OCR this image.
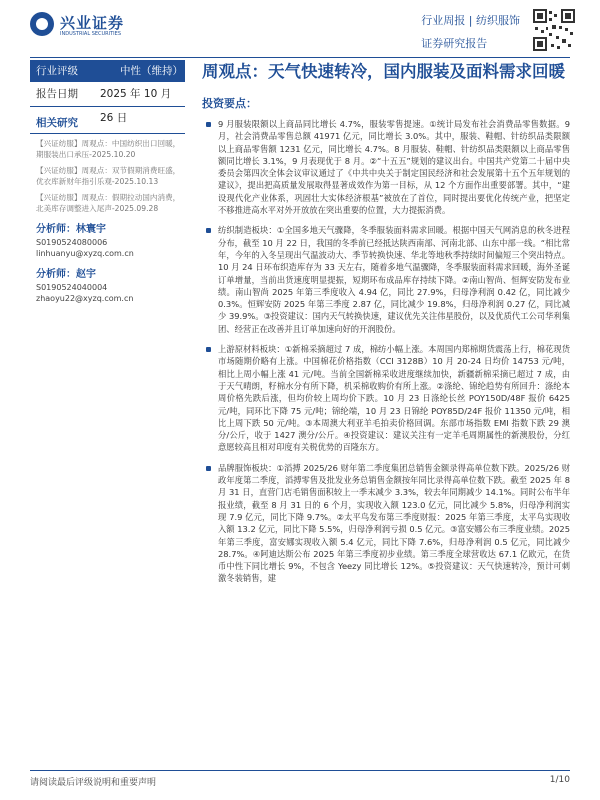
兴业证券
INDUSTRIAL SECURITIES
行业周报 | 纺织服饰
证券研究报告
行业评级	中性（维持）
报告日期 2025 年 10 月 26 日
相关研究
【兴证纺服】周观点：中国纺织出口回暖，期服装出口承压-2025.10.20
【兴证纺服】周观点：双节假期消费旺盛，优衣库新财年指引乐观-2025.10.13
【兴证纺服】周观点：假期拉动国内消费，北美库存调整进入尾声-2025.09.28
分析师：林寰宇
S0190524080006
linhuanyu@xyzq.com.cn
分析师：赵宇
S0190524040004
zhaoyu22@xyzq.com.cn
周观点：天气快速转冷，国内服装及面料需求回暖
投资要点：
9 月服装限额以上商品同比增长 4.7%，服装零售提速。①统计局发布社会消费品零售数据。9 月，社会消费品零售总额 41971 亿元，同比增长 3.0%。其中，服装、鞋帽、针纺织品类限额以上商品零售额 1231 亿元，同比增长 4.7%。8 月服装、鞋帽、针纺织品类限额以上商品零售额同比增长 3.1%，9 月表现优于 8 月。②“十五五”规划的建议出台。中国共产党第二十届中央委员会第四次全体会议审议通过了《中共中央关于制定国民经济和社会发展第十五个五年规划的建议》，提出把高质量发展取得显著成效作为第一目标，从 12 个方面作出重要部署。其中，“建设现代化产业体系，巩固壮大实体经济根基”被放在了首位，同时提出要优化传统产业，把坚定不移推进高水平对外开放放在突出重要的位置，大力提振消费。
纺织制造板块：①全国多地天气骤降，冬季服装面料需求回暖。根据中国天气网消息的秋冬进程分布，截至 10 月 22 日，我国的冬季前已经抵达陕西南部、河南北部、山东中部一线。“相比常年，今年的入冬呈现出气温波动大、季节转换快速、华北等地秋季持续时间偏短三个突出特点。10 月 24 日环布织造库存为 33 天左右，随着多地气温骤降，冬季服装面料需求回暖，海外圣诞订单增量，当前出货速度明显提振，短期环布成品库存持续下降。②南山智尚、恒辉安防发布业绩。南山智尚 2025 年第三季度收入 4.94 亿，同比 27.9%，归母净利润 0.42 亿，同比减少 0.3%。恒辉安防 2025 年第三季度 2.87 亿，同比减少 19.8%，归母净利润 0.27 亿，同比减少 39.9%。③投资建议：国内天气转换快速，建议优先关注伟星股份，以及优质代工公司华利集团、经营正在改善并且订单加速向好的开润股份。
上游原材料板块：①新棉采摘超过 7 成，棉纺小幅上涨。本周国内郑棉期货震荡上行，棉花现货市场随期价略有上涨。中国棉花价格指数（CCI 3128B）10 月 20-24 日均价 14753 元/吨，相比上周小幅上涨 41 元/吨。当前全国新棉采收进度继续加快，新疆新棉采摘已超过 7 成，由于天气晴朗，籽棉水分有所下降，机采棉收购价有所上涨。②涤纶、锦纶趋势有所回升：涤纶本周价格先跌后涨，但均价较上周均价下跌。10 月 23 日涤纶长丝 POY150D/48F 报价 6425 元/吨，同环比下降 75 元/吨；锦纶端，10 月 23 日锦纶 POY85D/24F 报价 11350 元/吨，相比上周下跌 50 元/吨。③本周澳大利亚羊毛拍卖价格回调。东部市场指数 EMI 指数下跌 29 澳分/公斤，收于 1427 澳分/公斤。④投资建议：建议关注有一定羊毛周期属性的新澳股份，分红意愿较高且相对印度有关税优势的百隆东方。
品牌服饰板块：①滔搏 2025/26 财年第二季度集团总销售金额录得高单位数下跌。2025/26 财政年度第二季度，滔搏零售及批发业务总销售金额按年同比录得高单位数下跌。截至 2025 年 8 月 31 日，直营门店毛销售面积较上一季末减少 3.3%，较去年同期减少 14.1%。同时公布半年报业绩，截至 8 月 31 日的 6 个月，实现收入额 123.0 亿元，同比减少 5.8%，归母净利润实现 7.9 亿元，同比下降 9.7%。②太平鸟发布第三季度财报：2025 年第三季度，太平鸟实现收入额 13.2 亿元，同比下降 5.5%，归母净利润亏损 0.5 亿元。③富安娜公布三季度业绩。2025 年第三季度，富安娜实现收入额 5.4 亿元，同比下降 7.6%，归母净利润 0.5 亿元，同比减少 28.7%。④阿迪达斯公布 2025 年第三季度初步业绩。第三季度全球营收达 67.1 亿欧元，在货币中性下同比增长 9%，不包含 Yeezy 同比增长 12%。⑤投资建议：天气快速转冷，预计可刺激冬装销售，建
请阅读最后评级说明和重要声明	1/10
